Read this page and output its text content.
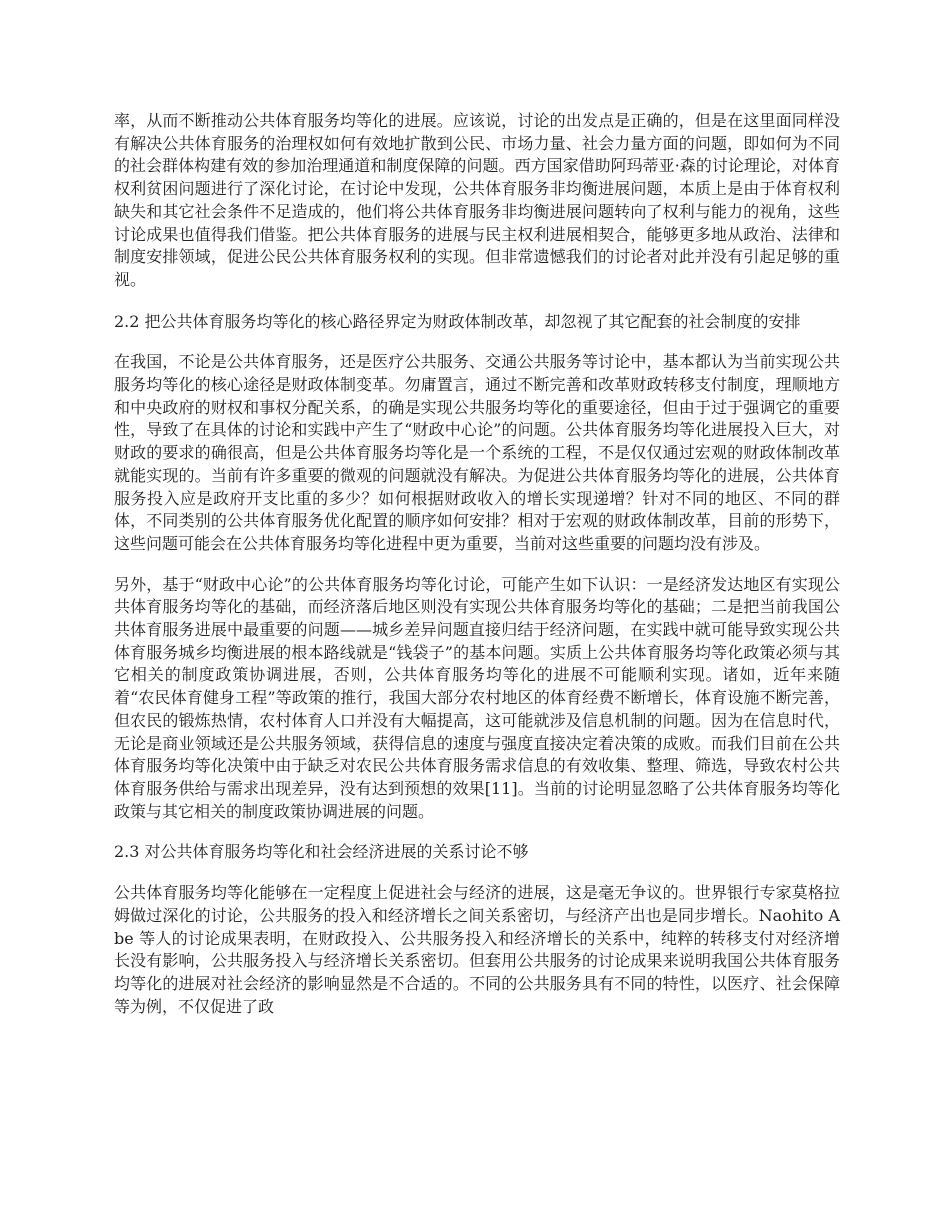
率，从而不断推动公共体育服务均等化的进展。应该说，讨论的出发点是正确的，但是在这里面同样没有解决公共体育服务的治理权如何有效地扩散到公民、市场力量、社会力量方面的问题，即如何为不同的社会群体构建有效的参加治理通道和制度保障的问题。西方国家借助阿玛蒂亚·森的讨论理论，对体育权利贫困问题进行了深化讨论，在讨论中发现，公共体育服务非均衡进展问题，本质上是由于体育权利缺失和其它社会条件不足造成的，他们将公共体育服务非均衡进展问题转向了权利与能力的视角，这些讨论成果也值得我们借鉴。把公共体育服务的进展与民主权利进展相契合，能够更多地从政治、法律和制度安排领域，促进公民公共体育服务权利的实现。但非常遗憾我们的讨论者对此并没有引起足够的重视。

2.2 把公共体育服务均等化的核心路径界定为财政体制改革，却忽视了其它配套的社会制度的安排

在我国，不论是公共体育服务，还是医疗公共服务、交通公共服务等讨论中，基本都认为当前实现公共服务均等化的核心途径是财政体制变革。勿庸置言，通过不断完善和改革财政转移支付制度，理顺地方和中央政府的财权和事权分配关系，的确是实现公共服务均等化的重要途径，但由于过于强调它的重要性，导致了在具体的讨论和实践中产生了“财政中心论”的问题。公共体育服务均等化进展投入巨大，对财政的要求的确很高，但是公共体育服务均等化是一个系统的工程，不是仅仅通过宏观的财政体制改革就能实现的。当前有许多重要的微观的问题就没有解决。为促进公共体育服务均等化的进展，公共体育服务投入应是政府开支比重的多少？如何根据财政收入的增长实现递增？针对不同的地区、不同的群体，不同类别的公共体育服务优化配置的顺序如何安排？相对于宏观的财政体制改革，目前的形势下，这些问题可能会在公共体育服务均等化进程中更为重要，当前对这些重要的问题均没有涉及。

另外，基于“财政中心论”的公共体育服务均等化讨论，可能产生如下认识：一是经济发达地区有实现公共体育服务均等化的基础，而经济落后地区则没有实现公共体育服务均等化的基础；二是把当前我国公共体育服务进展中最重要的问题——城乡差异问题直接归结于经济问题，在实践中就可能导致实现公共体育服务城乡均衡进展的根本路线就是“钱袋子”的基本问题。实质上公共体育服务均等化政策必须与其它相关的制度政策协调进展，否则，公共体育服务均等化的进展不可能顺利实现。诸如，近年来随着“农民体育健身工程”等政策的推行，我国大部分农村地区的体育经费不断增长，体育设施不断完善，但农民的锻炼热情，农村体育人口并没有大幅提高，这可能就涉及信息机制的问题。因为在信息时代，无论是商业领域还是公共服务领域，获得信息的速度与强度直接决定着决策的成败。而我们目前在公共体育服务均等化决策中由于缺乏对农民公共体育服务需求信息的有效收集、整理、筛选，导致农村公共体育服务供给与需求出现差异，没有达到预想的效果[11]。当前的讨论明显忽略了公共体育服务均等化政策与其它相关的制度政策协调进展的问题。

2.3 对公共体育服务均等化和社会经济进展的关系讨论不够

公共体育服务均等化能够在一定程度上促进社会与经济的进展，这是毫无争议的。世界银行专家莫格拉姆做过深化的讨论，公共服务的投入和经济增长之间关系密切，与经济产出也是同步增长。Naohito Abe 等人的讨论成果表明，在财政投入、公共服务投入和经济增长的关系中，纯粹的转移支付对经济增长没有影响，公共服务投入与经济增长关系密切。但套用公共服务的讨论成果来说明我国公共体育服务均等化的进展对社会经济的影响显然是不合适的。不同的公共服务具有不同的特性，以医疗、社会保障等为例，不仅促进了政
